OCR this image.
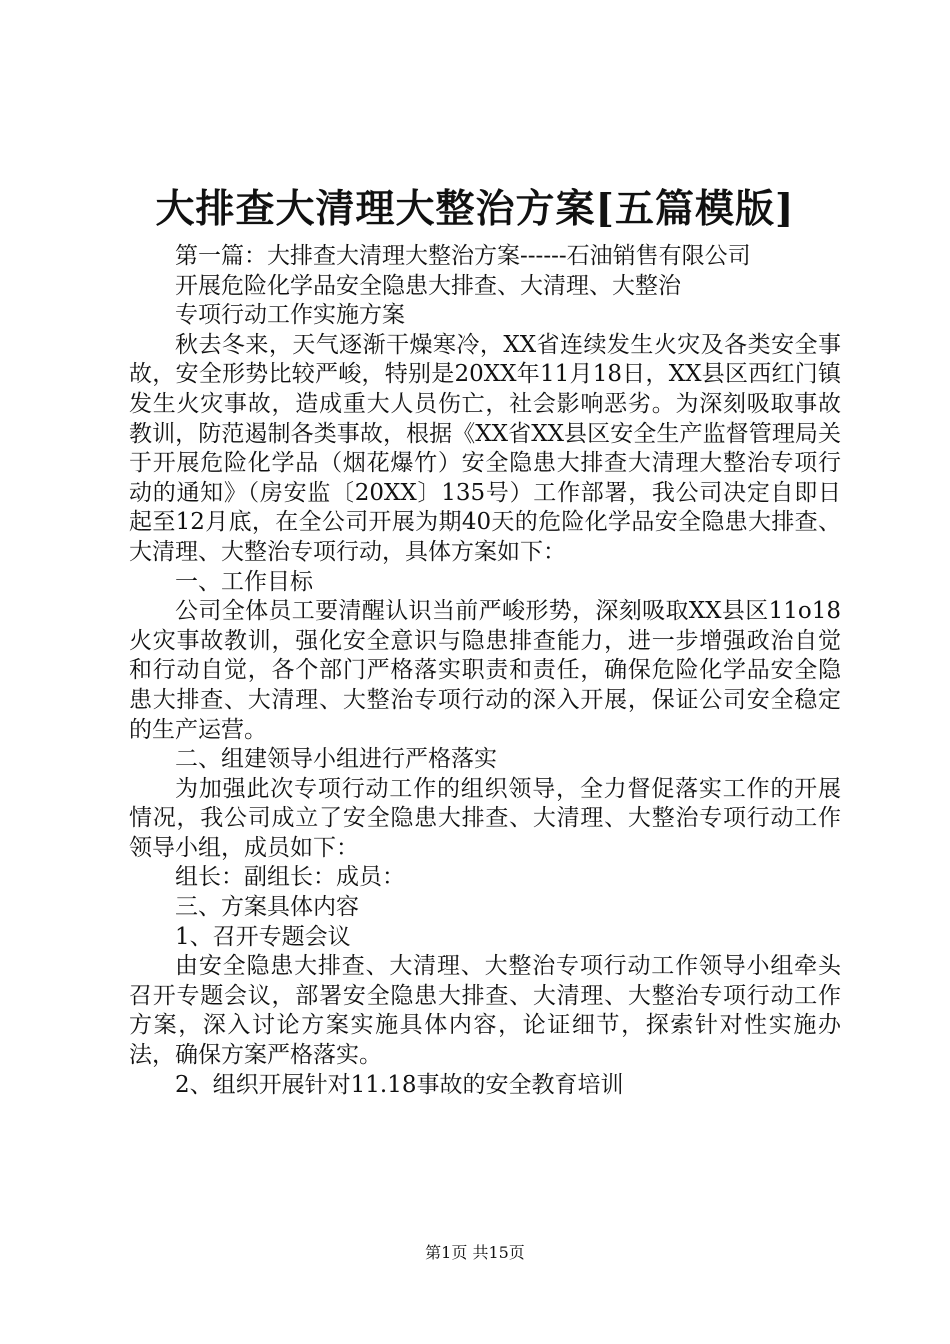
大排查大清理大整治方案[五篇模版]

第一篇：大排查大清理大整治方案------石油销售有限公司

开展危险化学品安全隐患大排查、大清理、大整治

专项行动工作实施方案

秋去冬来，天气逐渐干燥寒冷，XX省连续发生火灾及各类安全事故，安全形势比较严峻，特别是20XX年11月18日，XX县区西红门镇发生火灾事故，造成重大人员伤亡，社会影响恶劣。为深刻吸取事故教训，防范遏制各类事故，根据《XX省XX县区安全生产监督管理局关于开展危险化学品（烟花爆竹）安全隐患大排查大清理大整治专项行动的通知》（房安监〔20XX〕135号）工作部署，我公司决定自即日起至12月底，在全公司开展为期40天的危险化学品安全隐患大排查、大清理、大整治专项行动，具体方案如下：

一、工作目标

公司全体员工要清醒认识当前严峻形势，深刻吸取XX县区11o18火灾事故教训，强化安全意识与隐患排查能力，进一步增强政治自觉和行动自觉，各个部门严格落实职责和责任，确保危险化学品安全隐患大排查、大清理、大整治专项行动的深入开展，保证公司安全稳定的生产运营。

二、组建领导小组进行严格落实

为加强此次专项行动工作的组织领导，全力督促落实工作的开展情况，我公司成立了安全隐患大排查、大清理、大整治专项行动工作领导小组，成员如下：

组长：副组长：成员：

三、方案具体内容

1、召开专题会议

由安全隐患大排查、大清理、大整治专项行动工作领导小组牵头召开专题会议，部署安全隐患大排查、大清理、大整治专项行动工作方案，深入讨论方案实施具体内容，论证细节，探索针对性实施办法，确保方案严格落实。

2、组织开展针对11.18事故的安全教育培训

第1页 共15页
